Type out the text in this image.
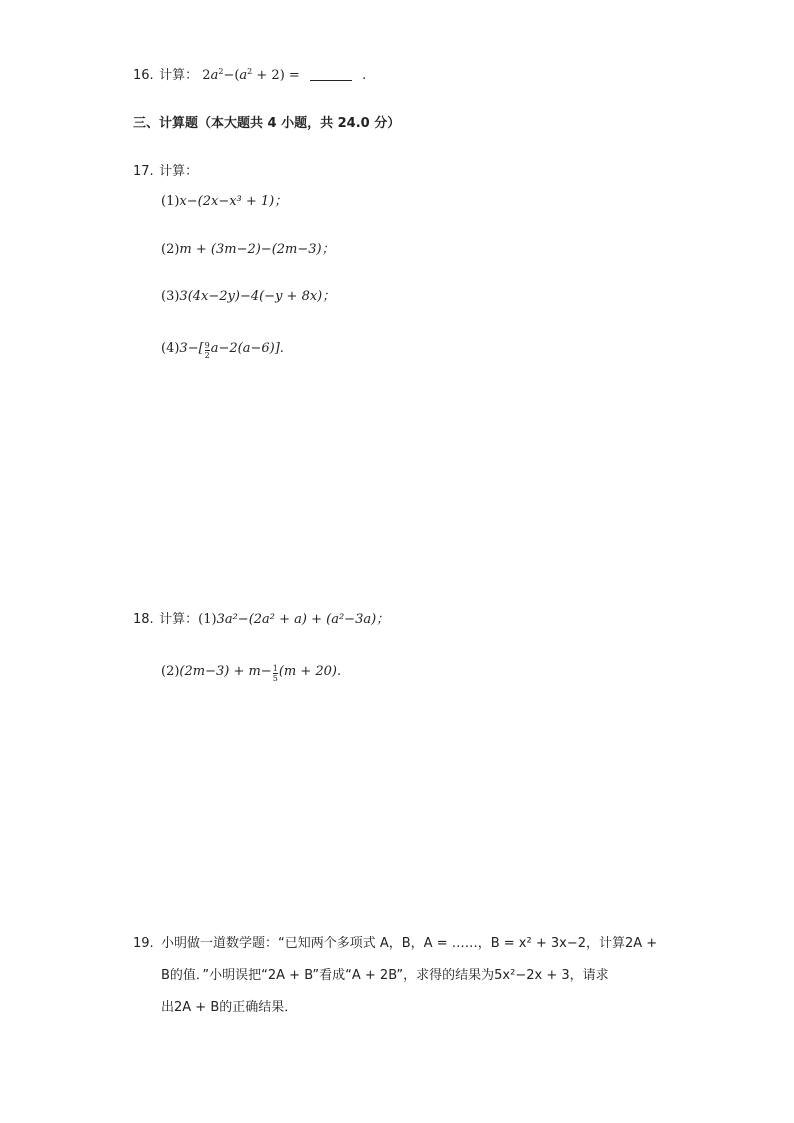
16. 计算： $2a^2-(a^2 + 2)$ =	.
三、计算题（本大题共 4 小题，共 24.0 分）
17. 计算：
(1)x−(2x−x³ + 1)；
(2)m + (3m−2)−(2m−3)；
(3)3(4x−2y)−4(−y + 8x)；
$(4)3-[ \frac{9}{2} a-2(a-6)]$.
18. 计算：(1)3a²−(2a² + a) + (a²−3a)；
$(2)(2m-3) + m- \frac{1}{5} (m + 20)$.
19. 小明做一道数学题：“已知两个多项式 A，B，A = ……，B = x² + 3x−2，计算2A +
B的值．”小明误把“2A + B”看成“A + 2B”，求得的结果为5x²−2x + 3，请求
出2A + B的正确结果．
